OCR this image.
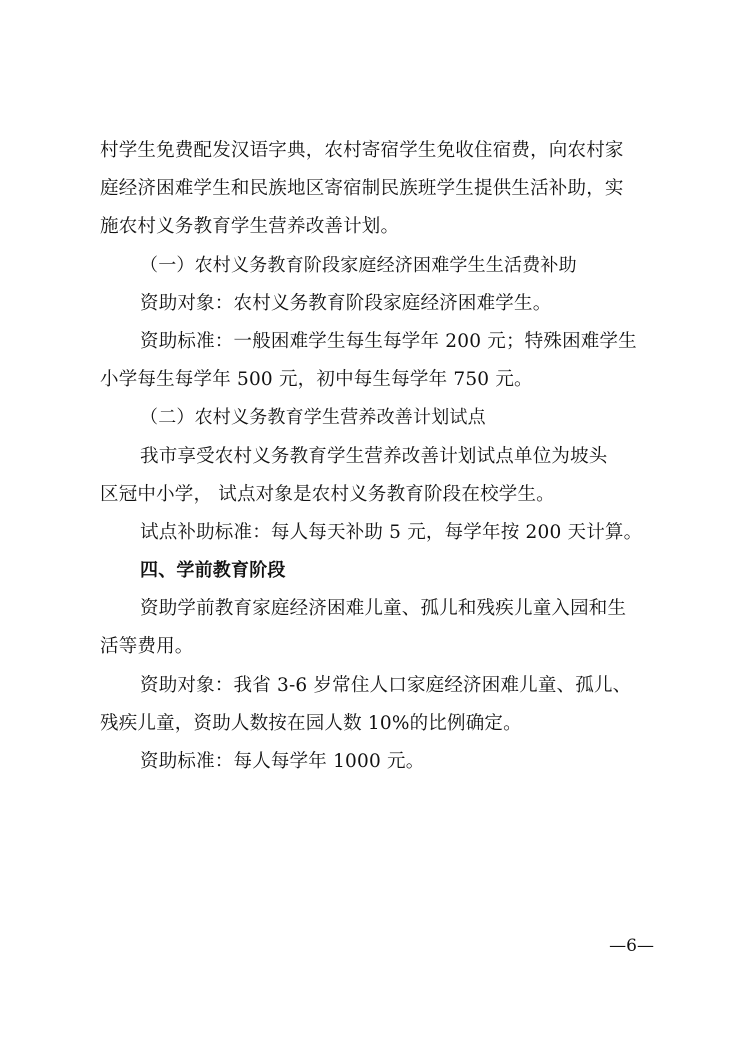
村学生免费配发汉语字典，农村寄宿学生免收住宿费，向农村家
庭经济困难学生和民族地区寄宿制民族班学生提供生活补助，实
施农村义务教育学生营养改善计划。
（一）农村义务教育阶段家庭经济困难学生生活费补助
资助对象：农村义务教育阶段家庭经济困难学生。
资助标准：一般困难学生每生每学年 200 元；特殊困难学生
小学每生每学年 500 元，初中每生每学年 750 元。
（二）农村义务教育学生营养改善计划试点
我市享受农村义务教育学生营养改善计划试点单位为坡头
区冠中小学， 试点对象是农村义务教育阶段在校学生。
试点补助标准：每人每天补助 5 元，每学年按 200 天计算。
四、学前教育阶段
资助学前教育家庭经济困难儿童、孤儿和残疾儿童入园和生
活等费用。
资助对象：我省 3-6 岁常住人口家庭经济困难儿童、孤儿、
残疾儿童，资助人数按在园人数 10%的比例确定。
资助标准：每人每学年 1000 元。
—6—
